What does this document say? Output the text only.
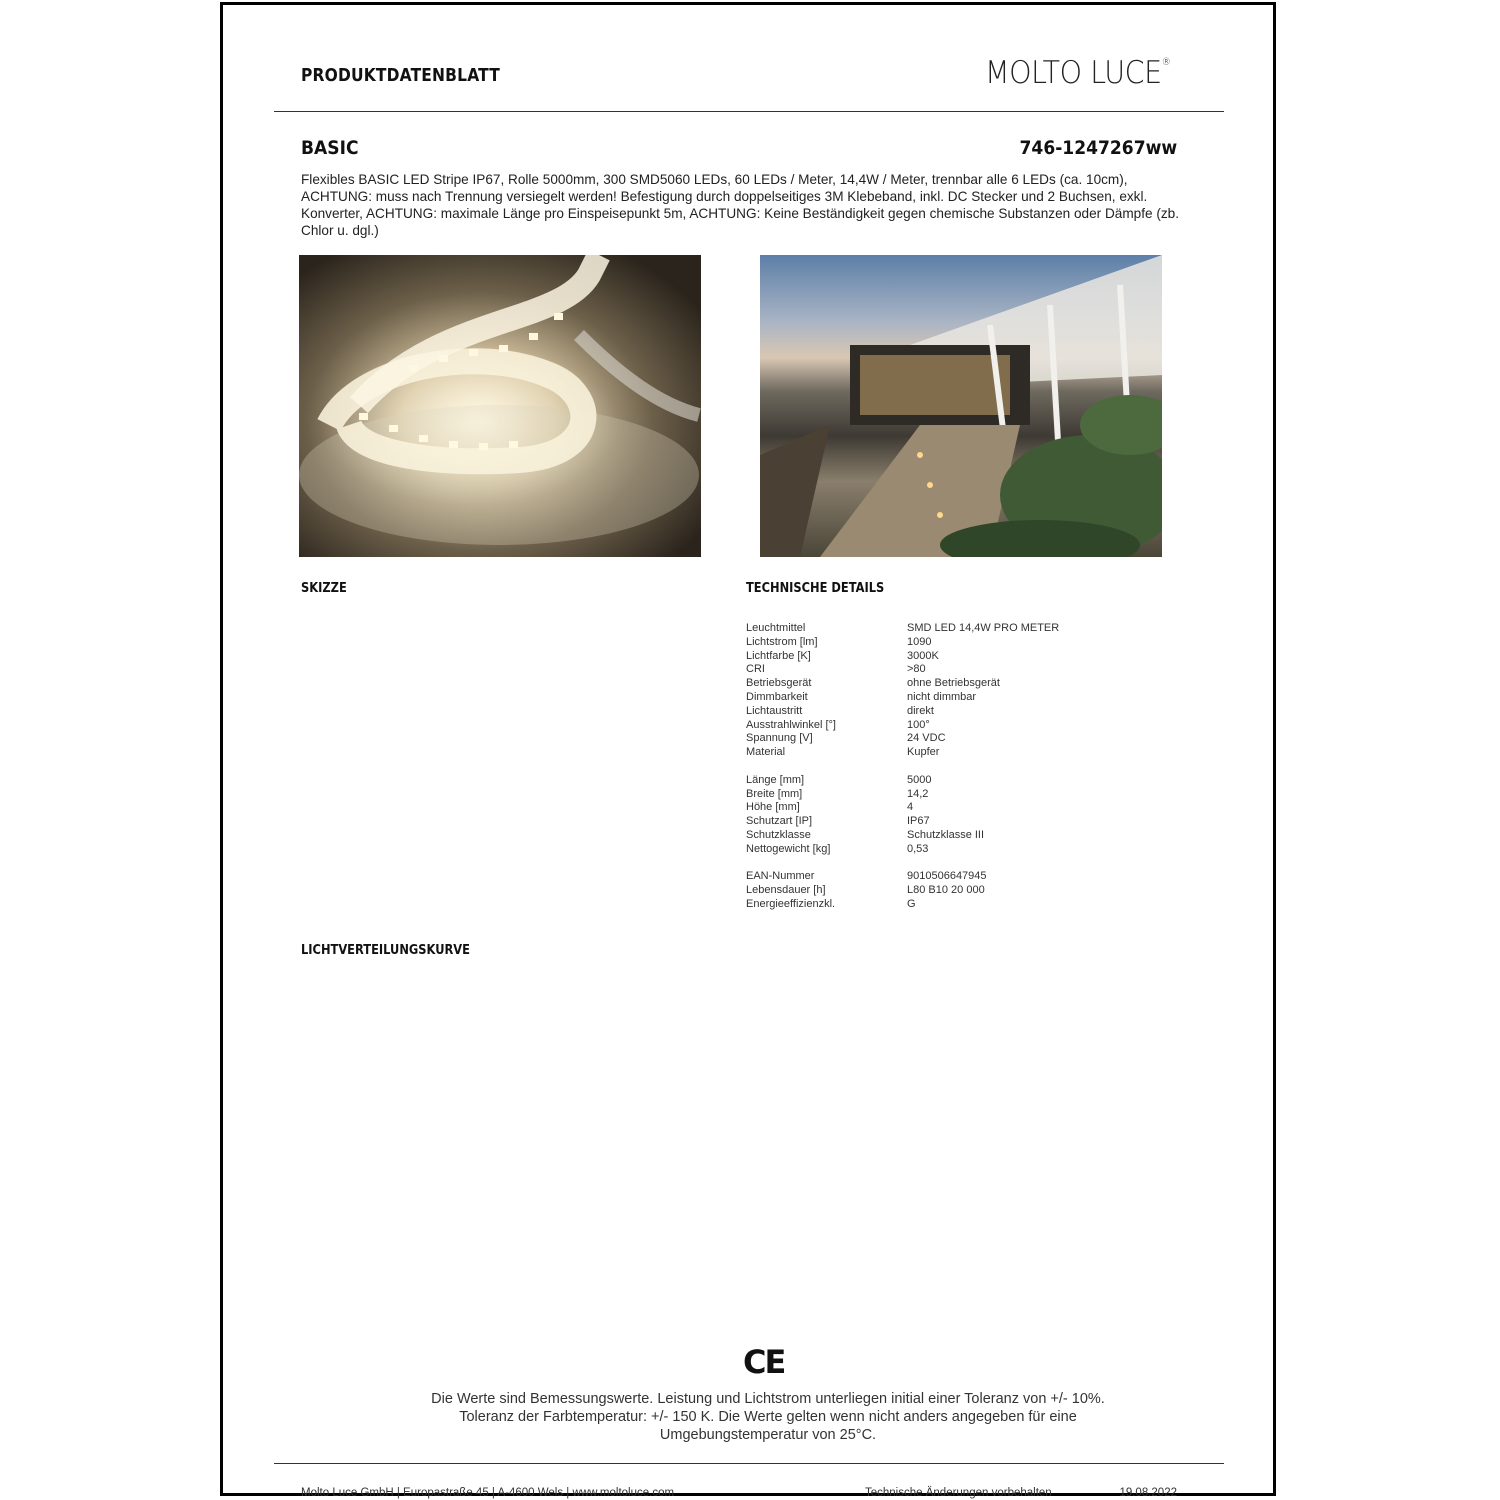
PRODUKTDATENBLATT	MOLTO LUCE®
BASIC	746-1247267ww
Flexibles BASIC LED Stripe IP67, Rolle 5000mm, 300 SMD5060 LEDs, 60 LEDs / Meter, 14,4W / Meter, trennbar alle 6 LEDs (ca. 10cm), ACHTUNG: muss nach Trennung versiegelt werden! Befestigung durch doppelseitiges 3M Klebeband, inkl. DC Stecker und 2 Buchsen, exkl. Konverter, ACHTUNG: maximale Länge pro Einspeisepunkt 5m, ACHTUNG: Keine Beständigkeit gegen chemische Substanzen oder Dämpfe (zb. Chlor u. dgl.)
SKIZZE	TECHNISCHE DETAILS
Leuchtmittel	SMD LED 14,4W PRO METER
Lichtstrom [lm]	1090
Lichtfarbe [K]	3000K
CRI	>80
Betriebsgerät	ohne Betriebsgerät
Dimmbarkeit	nicht dimmbar
Lichtaustritt	direkt
Ausstrahlwinkel [°]	100°
Spannung [V]	24 VDC
Material	Kupfer
Länge [mm]	5000
Breite [mm]	14,2
Höhe [mm]	4
Schutzart [IP]	IP67
Schutzklasse	Schutzklasse III
Nettogewicht [kg]	0,53
EAN-Nummer	9010506647945
Lebensdauer [h]	L80 B10 20 000
Energieeffizienzkl.	G
LICHTVERTEILUNGSKURVE
CE
Die Werte sind Bemessungswerte. Leistung und Lichtstrom unterliegen initial einer Toleranz von +/- 10%.
Toleranz der Farbtemperatur: +/- 150 K. Die Werte gelten wenn nicht anders angegeben für eine
Umgebungstemperatur von 25°C.
Molto Luce GmbH | Europastraße 45 | A-4600 Wels | www.moltoluce.com	Technische Änderungen vorbehalten	19.08.2022
